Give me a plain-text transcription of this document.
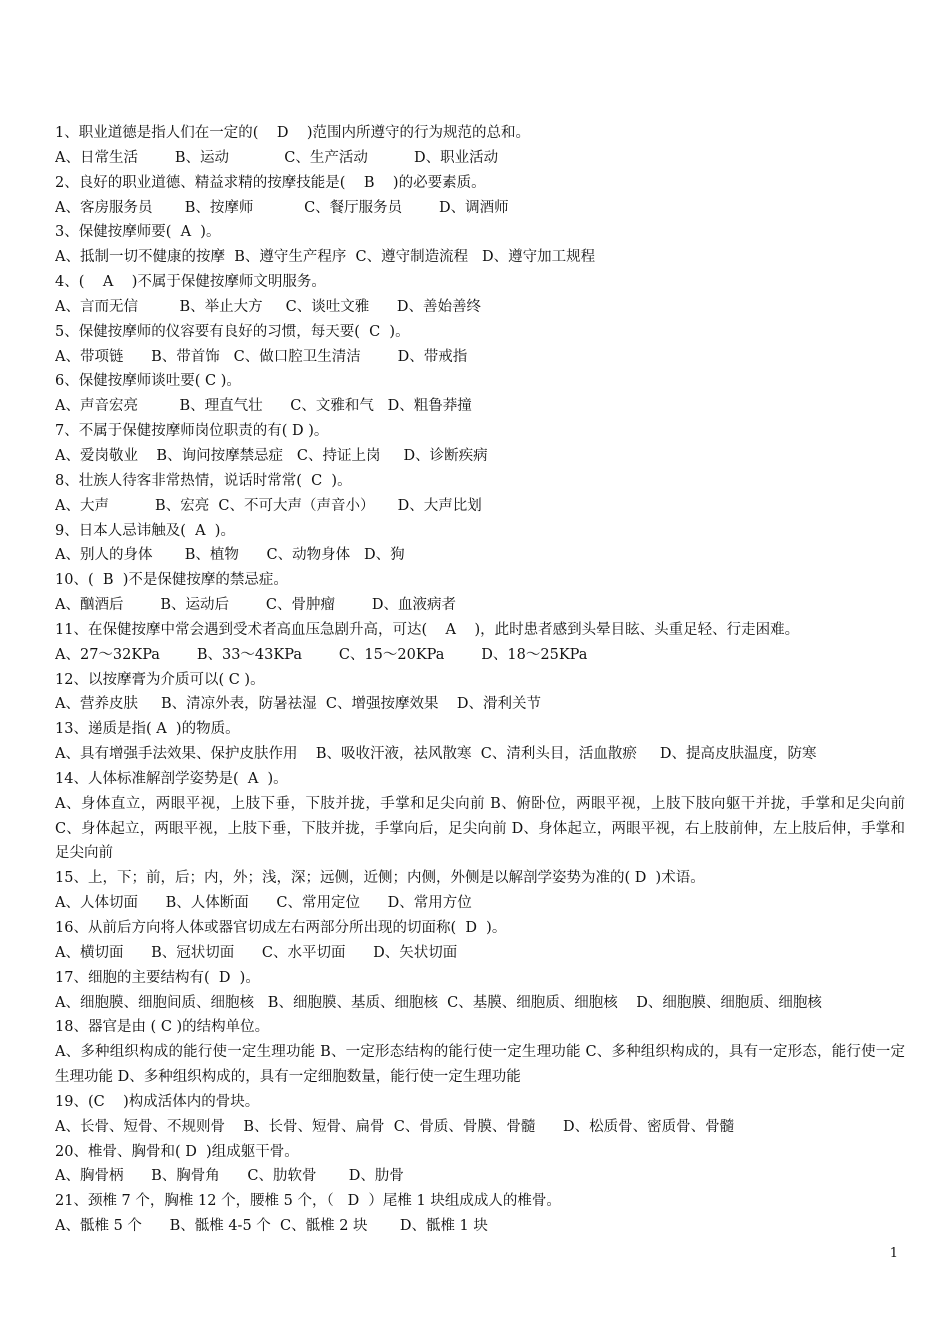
1、职业道德是指人们在一定的(    D    )范围内所遵守的行为规范的总和。
A、日常生活        B、运动            C、生产活动          D、职业活动
2、良好的职业道德、精益求精的按摩技能是(    B    )的必要素质。
A、客房服务员       B、按摩师           C、餐厅服务员        D、调酒师
3、保健按摩师要(  A  )。
A、抵制一切不健康的按摩  B、遵守生产程序  C、遵守制造流程   D、遵守加工规程
4、(    A    )不属于保健按摩师文明服务。
A、言而无信         B、举止大方     C、谈吐文雅      D、善始善终
5、保健按摩师的仪容要有良好的习惯，每天要(  C  )。
A、带项链      B、带首饰   C、做口腔卫生清洁        D、带戒指
6、保健按摩师谈吐要( C )。
A、声音宏亮         B、理直气壮      C、文雅和气   D、粗鲁莽撞
7、不属于保健按摩师岗位职责的有( D )。
A、爱岗敬业    B、询问按摩禁忌症   C、持证上岗     D、诊断疾病
8、壮族人待客非常热情，说话时常常(  C  )。
A、大声          B、宏亮  C、不可大声（声音小）     D、大声比划
9、日本人忌讳触及(  A  )。
A、别人的身体       B、植物      C、动物身体   D、狗
10、(  B  )不是保健按摩的禁忌症。
A、酗酒后        B、运动后        C、骨肿瘤        D、血液病者
11、在保健按摩中常会遇到受术者高血压急剧升高，可达(    A    )，此时患者感到头晕目眩、头重足轻、行走困难。
A、27～32KPa        B、33～43KPa        C、15～20KPa        D、18～25KPa
12、以按摩膏为介质可以( C )。
A、营养皮肤     B、清凉外表，防暑祛湿  C、增强按摩效果    D、滑利关节
13、递质是指( A  )的物质。
A、具有增强手法效果、保护皮肤作用    B、吸收汗液，祛风散寒  C、清利头目，活血散瘀     D、提高皮肤温度，防寒
14、人体标准解剖学姿势是(  A  )。
A、身体直立，两眼平视，上肢下垂，下肢并拢，手掌和足尖向前 B、俯卧位，两眼平视，上肢下肢向躯干并拢，手掌和足尖向前 C、身体起立，两眼平视，上肢下垂，下肢并拢，手掌向后，足尖向前 D、身体起立，两眼平视，右上肢前伸，左上肢后伸，手掌和足尖向前
15、上，下；前，后；内，外；浅，深；远侧，近侧；内侧，外侧是以解剖学姿势为准的( D  )术语。
A、人体切面      B、人体断面      C、常用定位      D、常用方位
16、从前后方向将人体或器官切成左右两部分所出现的切面称(  D  )。
A、横切面      B、冠状切面      C、水平切面      D、矢状切面
17、细胞的主要结构有(  D  )。
A、细胞膜、细胞间质、细胞核   B、细胞膜、基质、细胞核  C、基膜、细胞质、细胞核    D、细胞膜、细胞质、细胞核
18、器官是由 ( C )的结构单位。
A、多种组织构成的能行使一定生理功能 B、一定形态结构的能行使一定生理功能 C、多种组织构成的，具有一定形态，能行使一定生理功能 D、多种组织构成的，具有一定细胞数量，能行使一定生理功能
19、(C    )构成活体内的骨块。
A、长骨、短骨、不规则骨    B、长骨、短骨、扁骨  C、骨质、骨膜、骨髓      D、松质骨、密质骨、骨髓
20、椎骨、胸骨和( D  )组成躯干骨。
A、胸骨柄      B、胸骨角      C、肋软骨       D、肋骨
21、颈椎 7 个，胸椎 12 个，腰椎 5 个，（   D  ）尾椎 1 块组成成人的椎骨。
A、骶椎 5 个      B、骶椎 4-5 个  C、骶椎 2 块       D、骶椎 1 块
1
